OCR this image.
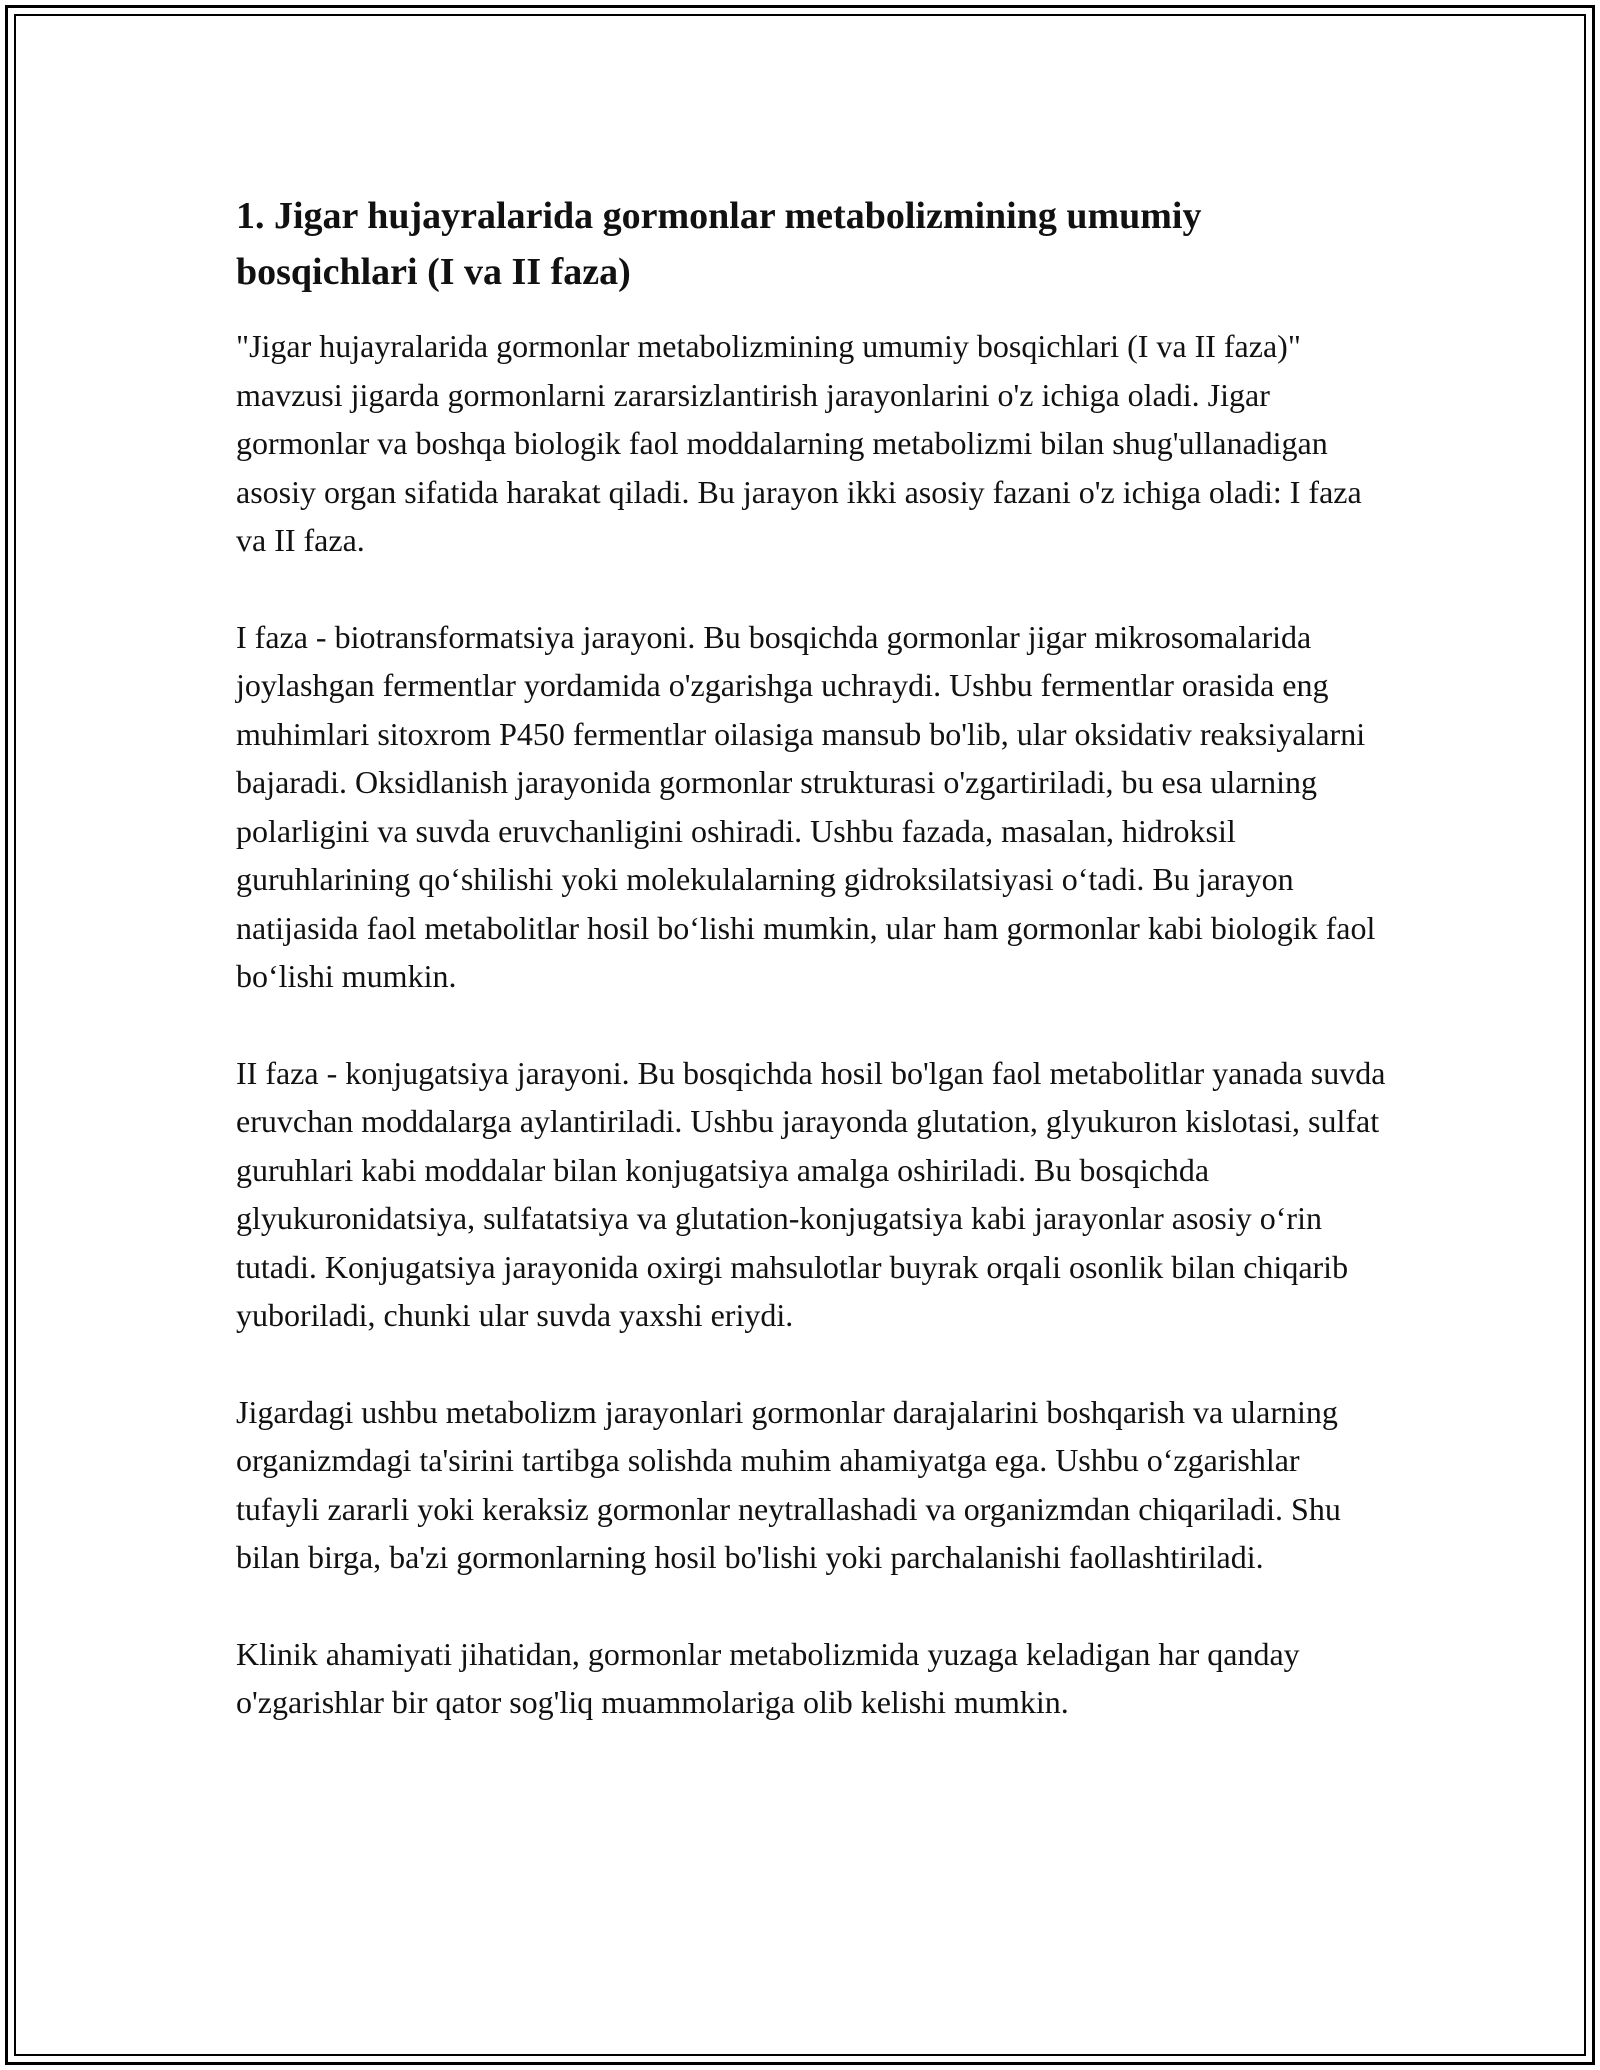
1. Jigar hujayralarida gormonlar metabolizmining umumiy bosqichlari (I va II faza)

"Jigar hujayralarida gormonlar metabolizmining umumiy bosqichlari (I va II faza)" mavzusi jigarda gormonlarni zararsizlantirish jarayonlarini o'z ichiga oladi. Jigar gormonlar va boshqa biologik faol moddalarning metabolizmi bilan shug'ullanadigan asosiy organ sifatida harakat qiladi. Bu jarayon ikki asosiy fazani o'z ichiga oladi: I faza va II faza.

I faza - biotransformatsiya jarayoni. Bu bosqichda gormonlar jigar mikrosomalarida joylashgan fermentlar yordamida o'zgarishga uchraydi. Ushbu fermentlar orasida eng muhimlari sitoxrom P450 fermentlar oilasiga mansub bo'lib, ular oksidativ reaksiyalarni bajaradi. Oksidlanish jarayonida gormonlar strukturasi o'zgartiriladi, bu esa ularning polarligini va suvda eruvchanligini oshiradi. Ushbu fazada, masalan, hidroksil guruhlarining qo‘shilishi yoki molekulalarning gidroksilatsiyasi o‘tadi. Bu jarayon natijasida faol metabolitlar hosil bo‘lishi mumkin, ular ham gormonlar kabi biologik faol bo‘lishi mumkin.

II faza - konjugatsiya jarayoni. Bu bosqichda hosil bo'lgan faol metabolitlar yanada suvda eruvchan moddalarga aylantiriladi. Ushbu jarayonda glutation, glyukuron kislotasi, sulfat guruhlari kabi moddalar bilan konjugatsiya amalga oshiriladi. Bu bosqichda glyukuronidatsiya, sulfatatsiya va glutation-konjugatsiya kabi jarayonlar asosiy o‘rin tutadi. Konjugatsiya jarayonida oxirgi mahsulotlar buyrak orqali osonlik bilan chiqarib yuboriladi, chunki ular suvda yaxshi eriydi.

Jigardagi ushbu metabolizm jarayonlari gormonlar darajalarini boshqarish va ularning organizmdagi ta'sirini tartibga solishda muhim ahamiyatga ega. Ushbu o‘zgarishlar tufayli zararli yoki keraksiz gormonlar neytrallashadi va organizmdan chiqariladi. Shu bilan birga, ba'zi gormonlarning hosil bo'lishi yoki parchalanishi faollashtiriladi.

Klinik ahamiyati jihatidan, gormonlar metabolizmida yuzaga keladigan har qanday o'zgarishlar bir qator sog'liq muammolariga olib kelishi mumkin.
